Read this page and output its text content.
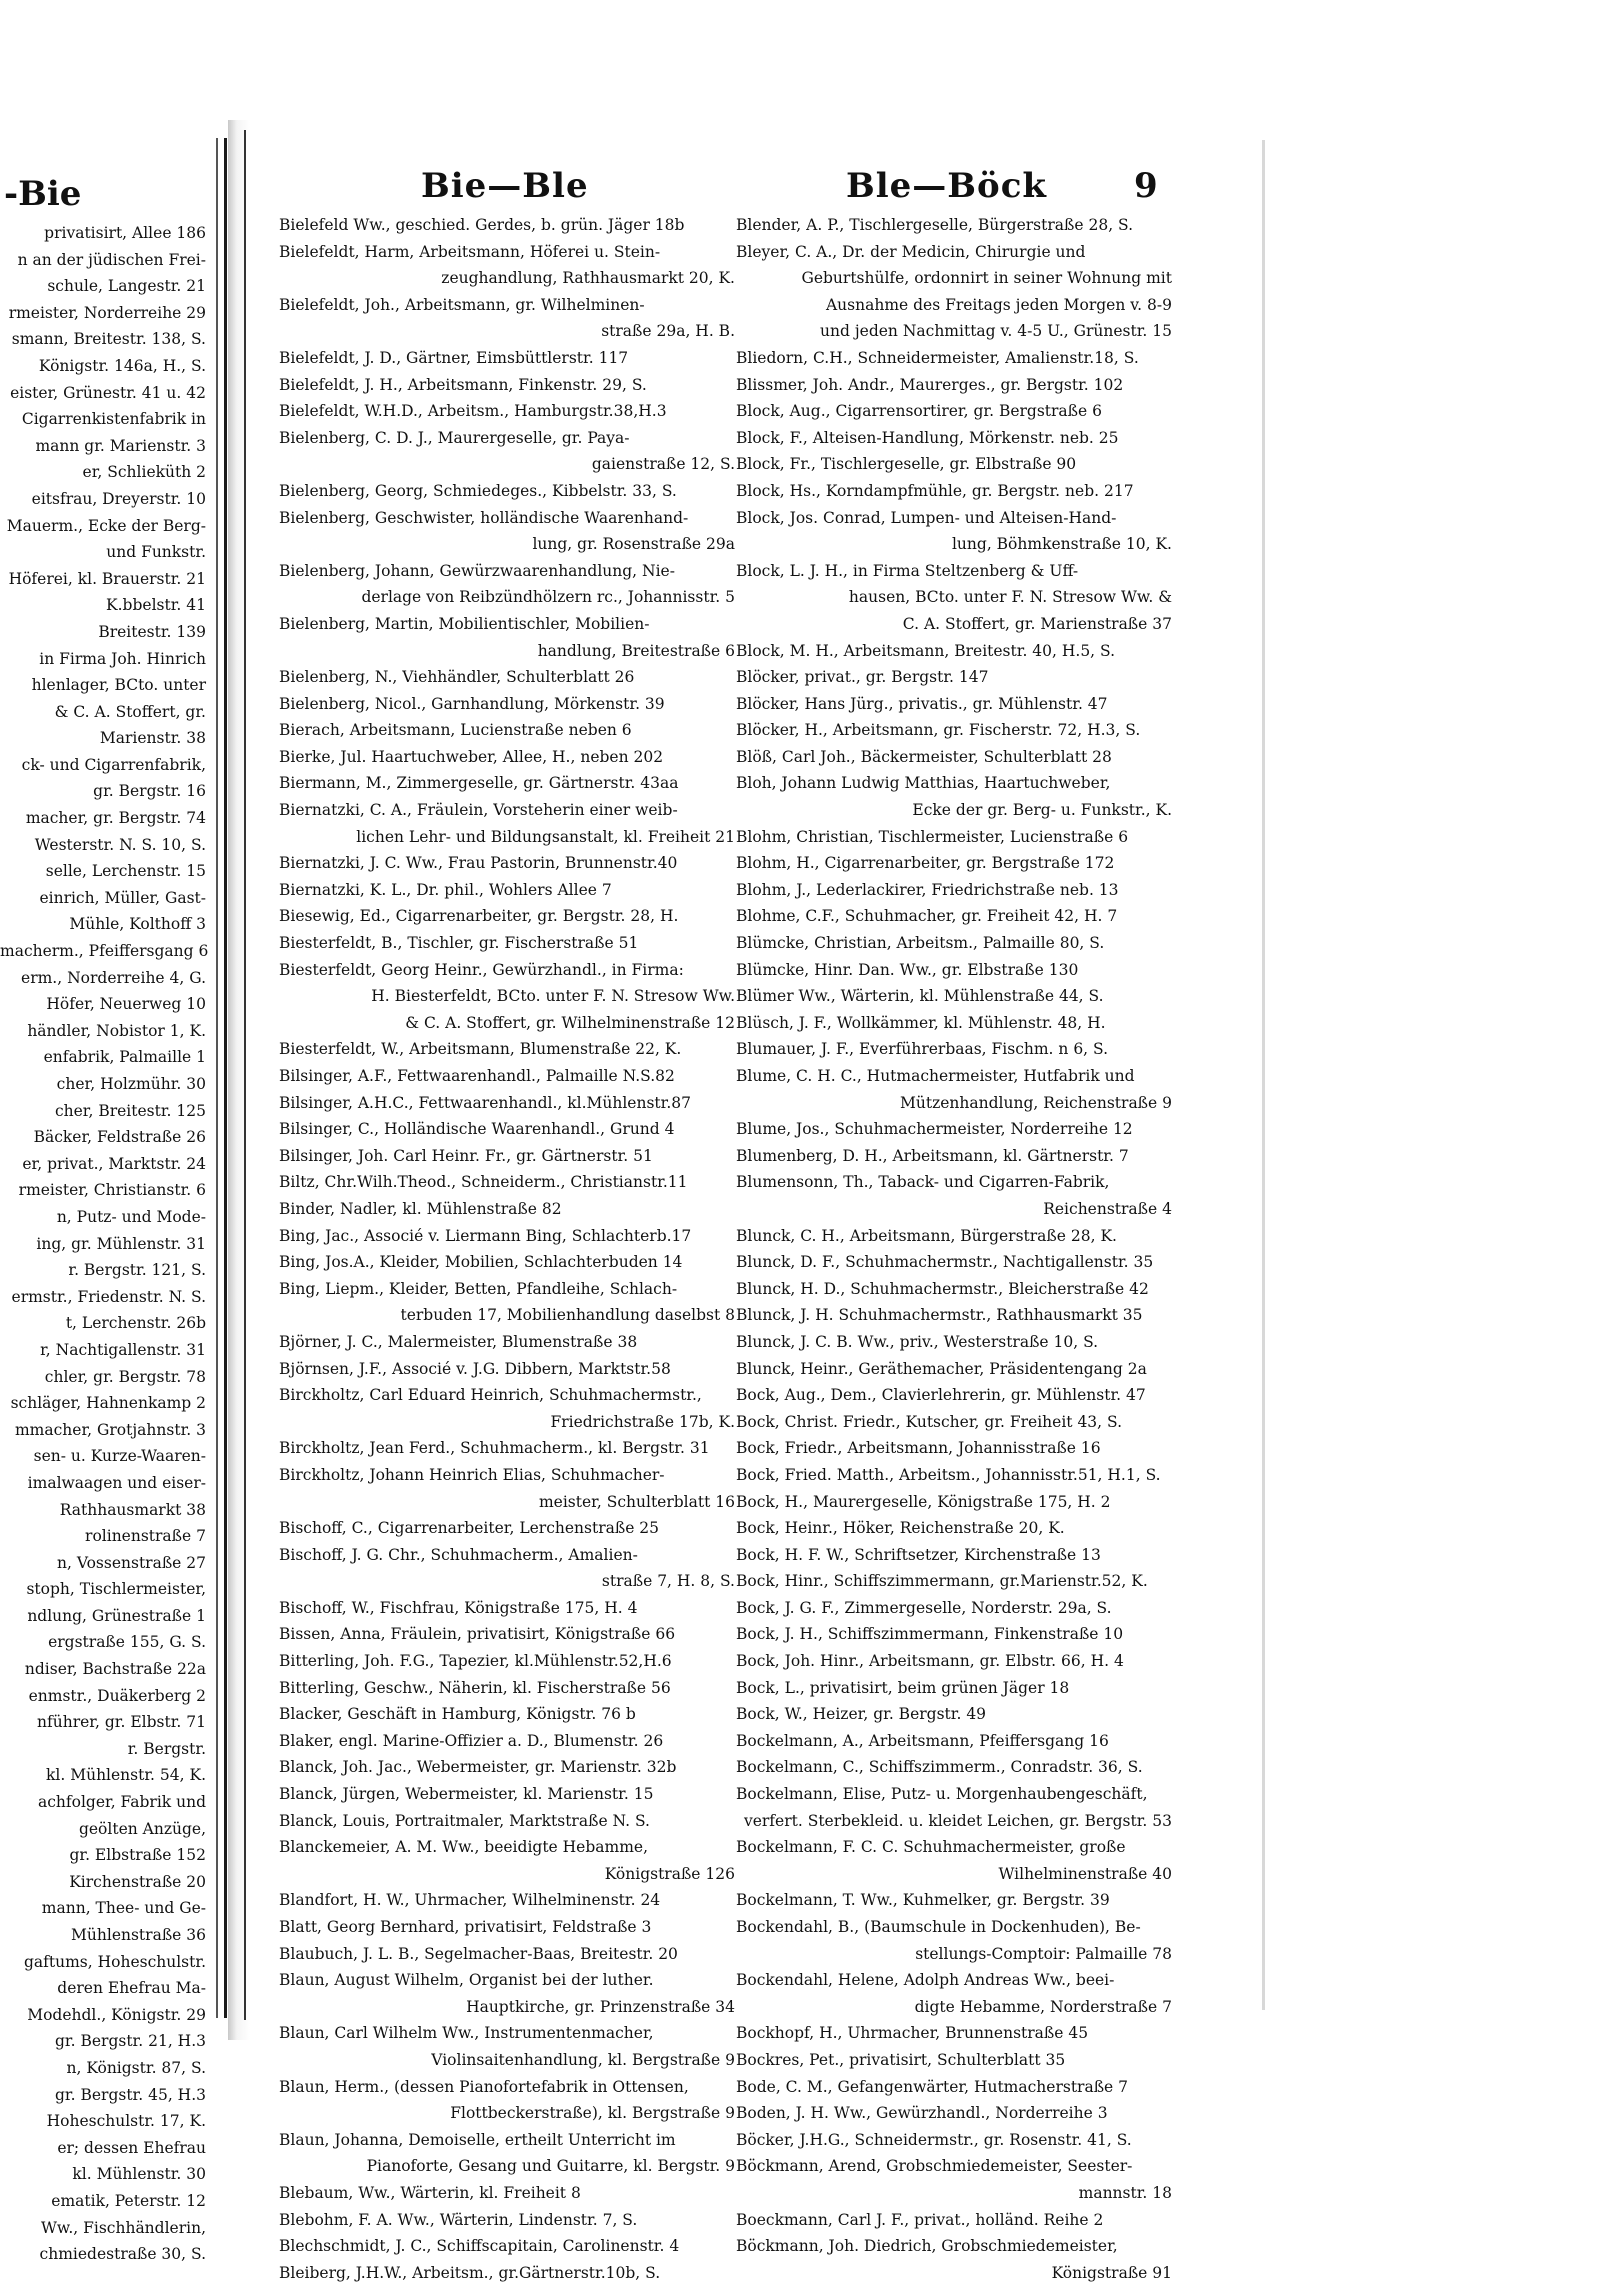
‑Bie
privatisirt, Allee 186
n an der jüdischen Frei-
schule, Langestr. 21
rmeister, Norderreihe 29
smann, Breitestr. 138, S.
Königstr. 146a, H., S.
eister, Grünestr. 41 u. 42
Cigarrenkistenfabrik in
mann gr. Marienstr. 3
er, Schlieküth 2
eitsfrau, Dreyerstr. 10
Mauerm., Ecke der Berg-
und Funkstr.
Höferei, kl. Brauerstr. 21
K.bbelstr. 41
Breitestr. 139
in Firma Joh. Hinrich
hlenlager, BCto. unter
& C. A. Stoffert, gr.
Marienstr. 38
ck- und Cigarrenfabrik,
gr. Bergstr. 16
macher, gr. Bergstr. 74
Westerstr. N. S. 10, S.
selle, Lerchenstr. 15
einrich, Müller, Gast-
Mühle, Kolthoff 3
macherm., Pfeiffersgang 6
erm., Norderreihe 4, G.
Höfer, Neuerweg 10
händler, Nobistor 1, K.
enfabrik, Palmaille 1
cher, Holzmühr. 30
cher, Breitestr. 125
Bäcker, Feldstraße 26
er, privat., Marktstr. 24
rmeister, Christianstr. 6
n, Putz- und Mode-
ing, gr. Mühlenstr. 31
r. Bergstr. 121, S.
ermstr., Friedenstr. N. S.
t, Lerchenstr. 26b
r, Nachtigallenstr. 31
chler, gr. Bergstr. 78
schläger, Hahnenkamp 2
mmacher, Grotjahnstr. 3
sen- u. Kurze-Waaren-
imalwaagen und eiser-
Rathhausmarkt 38
rolinenstraße 7
n, Vossenstraße 27
stoph, Tischlermeister,
ndlung, Grünestraße 1
ergstraße 155, G. S.
ndiser, Bachstraße 22a
enmstr., Duäkerberg 2
nführer, gr. Elbstr. 71
r. Bergstr.
kl. Mühlenstr. 54, K.
achfolger, Fabrik und
geölten Anzüge,
gr. Elbstraße 152
Kirchenstraße 20
mann, Thee- und Ge-
Mühlenstraße 36
gaftums, Hoheschulstr.
deren Ehefrau Ma-
Modehdl., Königstr. 29
gr. Bergstr. 21, H.3
n, Königstr. 87, S.
gr. Bergstr. 45, H.3
Hoheschulstr. 17, K.
er; dessen Ehefrau
kl. Mühlenstr. 30
ematik, Peterstr. 12
Ww., Fischhändlerin,
chmiedestraße 30, S.
Bie—Ble	Ble—Böck	9
Bielefeld Ww., geschied. Gerdes, b. grün. Jäger 18b
Bielefeldt, Harm, Arbeitsmann, Höferei u. Stein-
zeughandlung, Rathhausmarkt 20, K.
Bielefeldt, Joh., Arbeitsmann, gr. Wilhelminen-
straße 29a, H. B.
Bielefeldt, J. D., Gärtner, Eimsbüttlerstr. 117
Bielefeldt, J. H., Arbeitsmann, Finkenstr. 29, S.
Bielefeldt, W.H.D., Arbeitsm., Hamburgstr.38,H.3
Bielenberg, C. D. J., Maurergeselle, gr. Paya-
gaienstraße 12, S.
Bielenberg, Georg, Schmiedeges., Kibbelstr. 33, S.
Bielenberg, Geschwister, holländische Waarenhand-
lung, gr. Rosenstraße 29a
Bielenberg, Johann, Gewürzwaarenhandlung, Nie-
derlage von Reibzündhölzern rc., Johannisstr. 5
Bielenberg, Martin, Mobilientischler, Mobilien-
handlung, Breitestraße 6
Bielenberg, N., Viehhändler, Schulterblatt 26
Bielenberg, Nicol., Garnhandlung, Mörkenstr. 39
Bierach, Arbeitsmann, Lucienstraße neben 6
Bierke, Jul. Haartuchweber, Allee, H., neben 202
Biermann, M., Zimmergeselle, gr. Gärtnerstr. 43aa
Biernatzki, C. A., Fräulein, Vorsteherin einer weib-
lichen Lehr- und Bildungsanstalt, kl. Freiheit 21
Biernatzki, J. C. Ww., Frau Pastorin, Brunnenstr.40
Biernatzki, K. L., Dr. phil., Wohlers Allee 7
Biesewig, Ed., Cigarrenarbeiter, gr. Bergstr. 28, H.
Biesterfeldt, B., Tischler, gr. Fischerstraße 51
Biesterfeldt, Georg Heinr., Gewürzhandl., in Firma:
H. Biesterfeldt, BCto. unter F. N. Stresow Ww.
& C. A. Stoffert, gr. Wilhelminenstraße 12
Biesterfeldt, W., Arbeitsmann, Blumenstraße 22, K.
Bilsinger, A.F., Fettwaarenhandl., Palmaille N.S.82
Bilsinger, A.H.C., Fettwaarenhandl., kl.Mühlenstr.87
Bilsinger, C., Holländische Waarenhandl., Grund 4
Bilsinger, Joh. Carl Heinr. Fr., gr. Gärtnerstr. 51
Biltz, Chr.Wilh.Theod., Schneiderm., Christianstr.11
Binder, Nadler, kl. Mühlenstraße 82
Bing, Jac., Associé v. Liermann Bing, Schlachterb.17
Bing, Jos.A., Kleider, Mobilien, Schlachterbuden 14
Bing, Liepm., Kleider, Betten, Pfandleihe, Schlach-
terbuden 17, Mobilienhandlung daselbst 8
Björner, J. C., Malermeister, Blumenstraße 38
Björnsen, J.F., Associé v. J.G. Dibbern, Marktstr.58
Birckholtz, Carl Eduard Heinrich, Schuhmachermstr.,
Friedrichstraße 17b, K.
Birckholtz, Jean Ferd., Schuhmacherm., kl. Bergstr. 31
Birckholtz, Johann Heinrich Elias, Schuhmacher-
meister, Schulterblatt 16
Bischoff, C., Cigarrenarbeiter, Lerchenstraße 25
Bischoff, J. G. Chr., Schuhmacherm., Amalien-
straße 7, H. 8, S.
Bischoff, W., Fischfrau, Königstraße 175, H. 4
Bissen, Anna, Fräulein, privatisirt, Königstraße 66
Bitterling, Joh. F.G., Tapezier, kl.Mühlenstr.52,H.6
Bitterling, Geschw., Näherin, kl. Fischerstraße 56
Blacker, Geschäft in Hamburg, Königstr. 76 b
Blaker, engl. Marine-Offizier a. D., Blumenstr. 26
Blanck, Joh. Jac., Webermeister, gr. Marienstr. 32b
Blanck, Jürgen, Webermeister, kl. Marienstr. 15
Blanck, Louis, Portraitmaler, Marktstraße N. S.
Blanckemeier, A. M. Ww., beeidigte Hebamme,
Königstraße 126
Blandfort, H. W., Uhrmacher, Wilhelminenstr. 24
Blatt, Georg Bernhard, privatisirt, Feldstraße 3
Blaubuch, J. L. B., Segelmacher-Baas, Breitestr. 20
Blaun, August Wilhelm, Organist bei der luther.
Hauptkirche, gr. Prinzenstraße 34
Blaun, Carl Wilhelm Ww., Instrumentenmacher,
Violinsaitenhandlung, kl. Bergstraße 9
Blaun, Herm., (dessen Pianofortefabrik in Ottensen,
Flottbeckerstraße), kl. Bergstraße 9
Blaun, Johanna, Demoiselle, ertheilt Unterricht im
Pianoforte, Gesang und Guitarre, kl. Bergstr. 9
Blebaum, Ww., Wärterin, kl. Freiheit 8
Blebohm, F. A. Ww., Wärterin, Lindenstr. 7, S.
Blechschmidt, J. C., Schiffscapitain, Carolinenstr. 4
Bleiberg, J.H.W., Arbeitsm., gr.Gärtnerstr.10b, S.
Blender, A. P., Tischlergeselle, Bürgerstraße 28, S.
Bleyer, C. A., Dr. der Medicin, Chirurgie und
Geburtshülfe, ordonnirt in seiner Wohnung mit
Ausnahme des Freitags jeden Morgen v. 8-9
und jeden Nachmittag v. 4-5 U., Grünestr. 15
Bliedorn, C.H., Schneidermeister, Amalienstr.18, S.
Blissmer, Joh. Andr., Maurerges., gr. Bergstr. 102
Block, Aug., Cigarrensortirer, gr. Bergstraße 6
Block, F., Alteisen-Handlung, Mörkenstr. neb. 25
Block, Fr., Tischlergeselle, gr. Elbstraße 90
Block, Hs., Korndampfmühle, gr. Bergstr. neb. 217
Block, Jos. Conrad, Lumpen- und Alteisen-Hand-
lung, Böhmkenstraße 10, K.
Block, L. J. H., in Firma Steltzenberg & Uff-
hausen, BCto. unter F. N. Stresow Ww. &
C. A. Stoffert, gr. Marienstraße 37
Block, M. H., Arbeitsmann, Breitestr. 40, H.5, S.
Blöcker, privat., gr. Bergstr. 147
Blöcker, Hans Jürg., privatis., gr. Mühlenstr. 47
Blöcker, H., Arbeitsmann, gr. Fischerstr. 72, H.3, S.
Blöß, Carl Joh., Bäckermeister, Schulterblatt 28
Bloh, Johann Ludwig Matthias, Haartuchweber,
Ecke der gr. Berg- u. Funkstr., K.
Blohm, Christian, Tischlermeister, Lucienstraße 6
Blohm, H., Cigarrenarbeiter, gr. Bergstraße 172
Blohm, J., Lederlackirer, Friedrichstraße neb. 13
Blohme, C.F., Schuhmacher, gr. Freiheit 42, H. 7
Blümcke, Christian, Arbeitsm., Palmaille 80, S.
Blümcke, Hinr. Dan. Ww., gr. Elbstraße 130
Blümer Ww., Wärterin, kl. Mühlenstraße 44, S.
Blüsch, J. F., Wollkämmer, kl. Mühlenstr. 48, H.
Blumauer, J. F., Everführerbaas, Fischm. n 6, S.
Blume, C. H. C., Hutmachermeister, Hutfabrik und
Mützenhandlung, Reichenstraße 9
Blume, Jos., Schuhmachermeister, Norderreihe 12
Blumenberg, D. H., Arbeitsmann, kl. Gärtnerstr. 7
Blumensonn, Th., Taback- und Cigarren-Fabrik,
Reichenstraße 4
Blunck, C. H., Arbeitsmann, Bürgerstraße 28, K.
Blunck, D. F., Schuhmachermstr., Nachtigallenstr. 35
Blunck, H. D., Schuhmachermstr., Bleicherstraße 42
Blunck, J. H. Schuhmachermstr., Rathhausmarkt 35
Blunck, J. C. B. Ww., priv., Westerstraße 10, S.
Blunck, Heinr., Geräthemacher, Präsidentengang 2a
Bock, Aug., Dem., Clavierlehrerin, gr. Mühlenstr. 47
Bock, Christ. Friedr., Kutscher, gr. Freiheit 43, S.
Bock, Friedr., Arbeitsmann, Johannisstraße 16
Bock, Fried. Matth., Arbeitsm., Johannisstr.51, H.1, S.
Bock, H., Maurergeselle, Königstraße 175, H. 2
Bock, Heinr., Höker, Reichenstraße 20, K.
Bock, H. F. W., Schriftsetzer, Kirchenstraße 13
Bock, Hinr., Schiffszimmermann, gr.Marienstr.52, K.
Bock, J. G. F., Zimmergeselle, Norderstr. 29a, S.
Bock, J. H., Schiffszimmermann, Finkenstraße 10
Bock, Joh. Hinr., Arbeitsmann, gr. Elbstr. 66, H. 4
Bock, L., privatisirt, beim grünen Jäger 18
Bock, W., Heizer, gr. Bergstr. 49
Bockelmann, A., Arbeitsmann, Pfeiffersgang 16
Bockelmann, C., Schiffszimmerm., Conradstr. 36, S.
Bockelmann, Elise, Putz- u. Morgenhaubengeschäft,
verfert. Sterbekleid. u. kleidet Leichen, gr. Bergstr. 53
Bockelmann, F. C. C. Schuhmachermeister, große
Wilhelminenstraße 40
Bockelmann, T. Ww., Kuhmelker, gr. Bergstr. 39
Bockendahl, B., (Baumschule in Dockenhuden), Be-
stellungs-Comptoir: Palmaille 78
Bockendahl, Helene, Adolph Andreas Ww., beei-
digte Hebamme, Norderstraße 7
Bockhopf, H., Uhrmacher, Brunnenstraße 45
Bockres, Pet., privatisirt, Schulterblatt 35
Bode, C. M., Gefangenwärter, Hutmacherstraße 7
Boden, J. H. Ww., Gewürzhandl., Norderreihe 3
Böcker, J.H.G., Schneidermstr., gr. Rosenstr. 41, S.
Böckmann, Arend, Grobschmiedemeister, Seester-
mannstr. 18
Boeckmann, Carl J. F., privat., holländ. Reihe 2
Böckmann, Joh. Diedrich, Grobschmiedemeister,
Königstraße 91
